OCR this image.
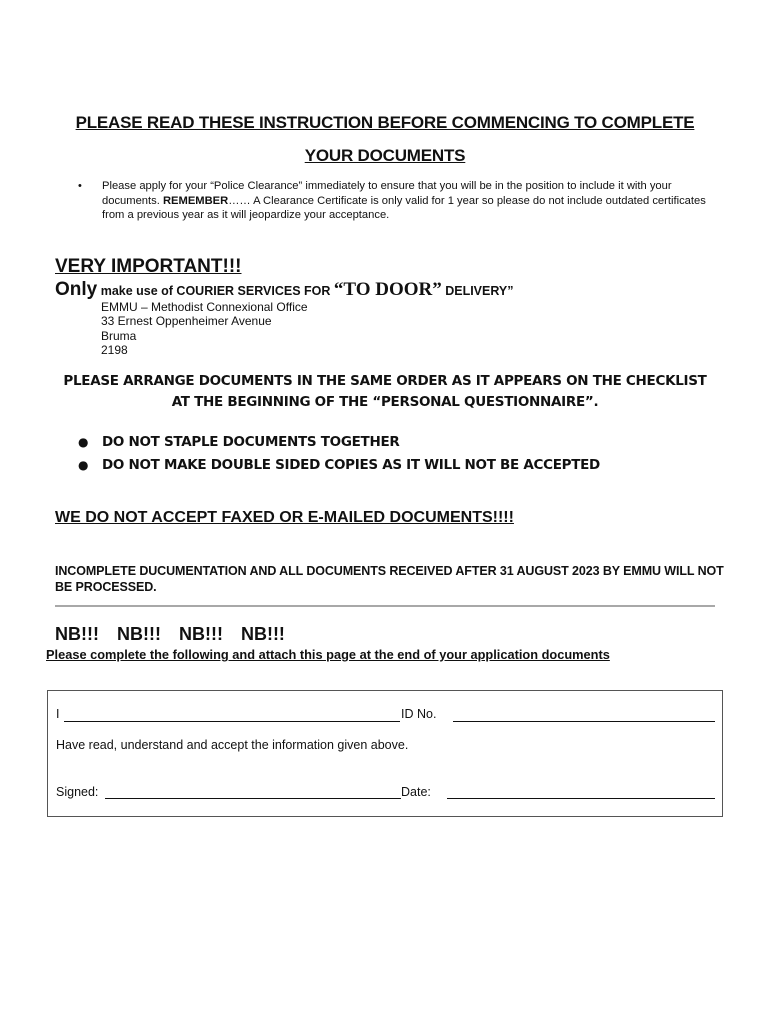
PLEASE READ THESE INSTRUCTION BEFORE COMMENCING TO COMPLETE
YOUR DOCUMENTS
• Please apply for your “Police Clearance” immediately to ensure that you will be in the position to include it with your documents. REMEMBER…… A Clearance Certificate is only valid for 1 year so please do not include outdated certificates from a previous year as it will jeopardize your acceptance.
VERY IMPORTANT!!!
Only make use of COURIER SERVICES FOR “TO DOOR” DELIVERY”
EMMU – Methodist Connexional Office
33 Ernest Oppenheimer Avenue
Bruma
2198
PLEASE ARRANGE DOCUMENTS IN THE SAME ORDER AS IT APPEARS ON THE CHECKLIST
AT THE BEGINNING OF THE “PERSONAL QUESTIONNAIRE”.
● DO NOT STAPLE DOCUMENTS TOGETHER
● DO NOT MAKE DOUBLE SIDED COPIES AS IT WILL NOT BE ACCEPTED
WE DO NOT ACCEPT FAXED OR E-MAILED DOCUMENTS!!!!
INCOMPLETE DUCUMENTATION AND ALL DOCUMENTS RECEIVED AFTER 31 AUGUST 2023 BY EMMU WILL NOT BE PROCESSED.
NB!!!  NB!!!  NB!!!  NB!!!
Please complete the following and attach this page at the end of your application documents
I	ID No.
Have read, understand and accept the information given above.
Signed:	Date:
